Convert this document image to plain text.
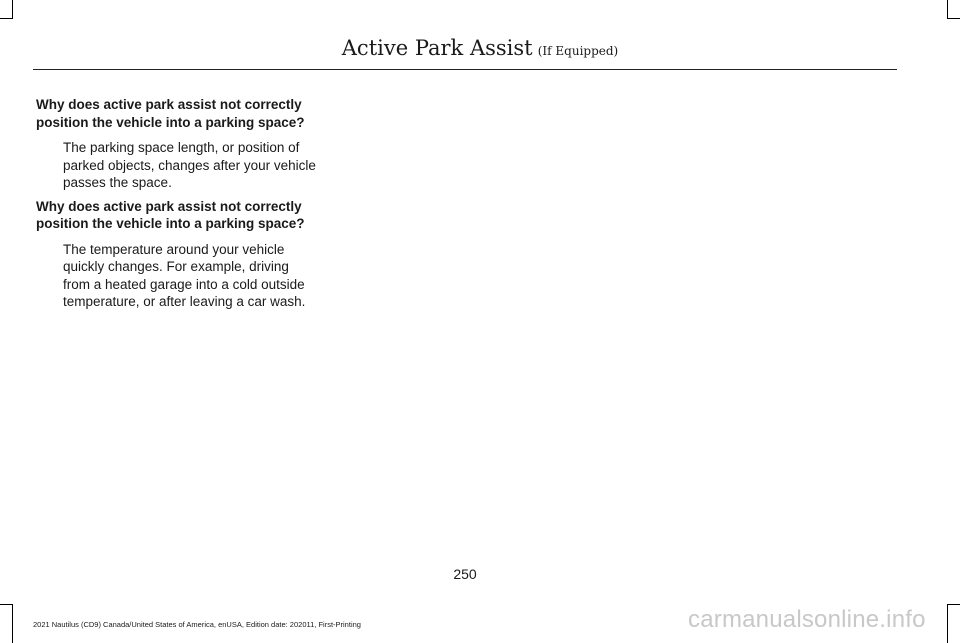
Active Park Assist (If Equipped)

Why does active park assist not correctly position the vehicle into a parking space?

The parking space length, or position of parked objects, changes after your vehicle passes the space.

Why does active park assist not correctly position the vehicle into a parking space?

The temperature around your vehicle quickly changes. For example, driving from a heated garage into a cold outside temperature, or after leaving a car wash.

250
2021 Nautilus (CD9) Canada/United States of America, enUSA, Edition date: 202011, First-Printing	carmanualsonline.info
